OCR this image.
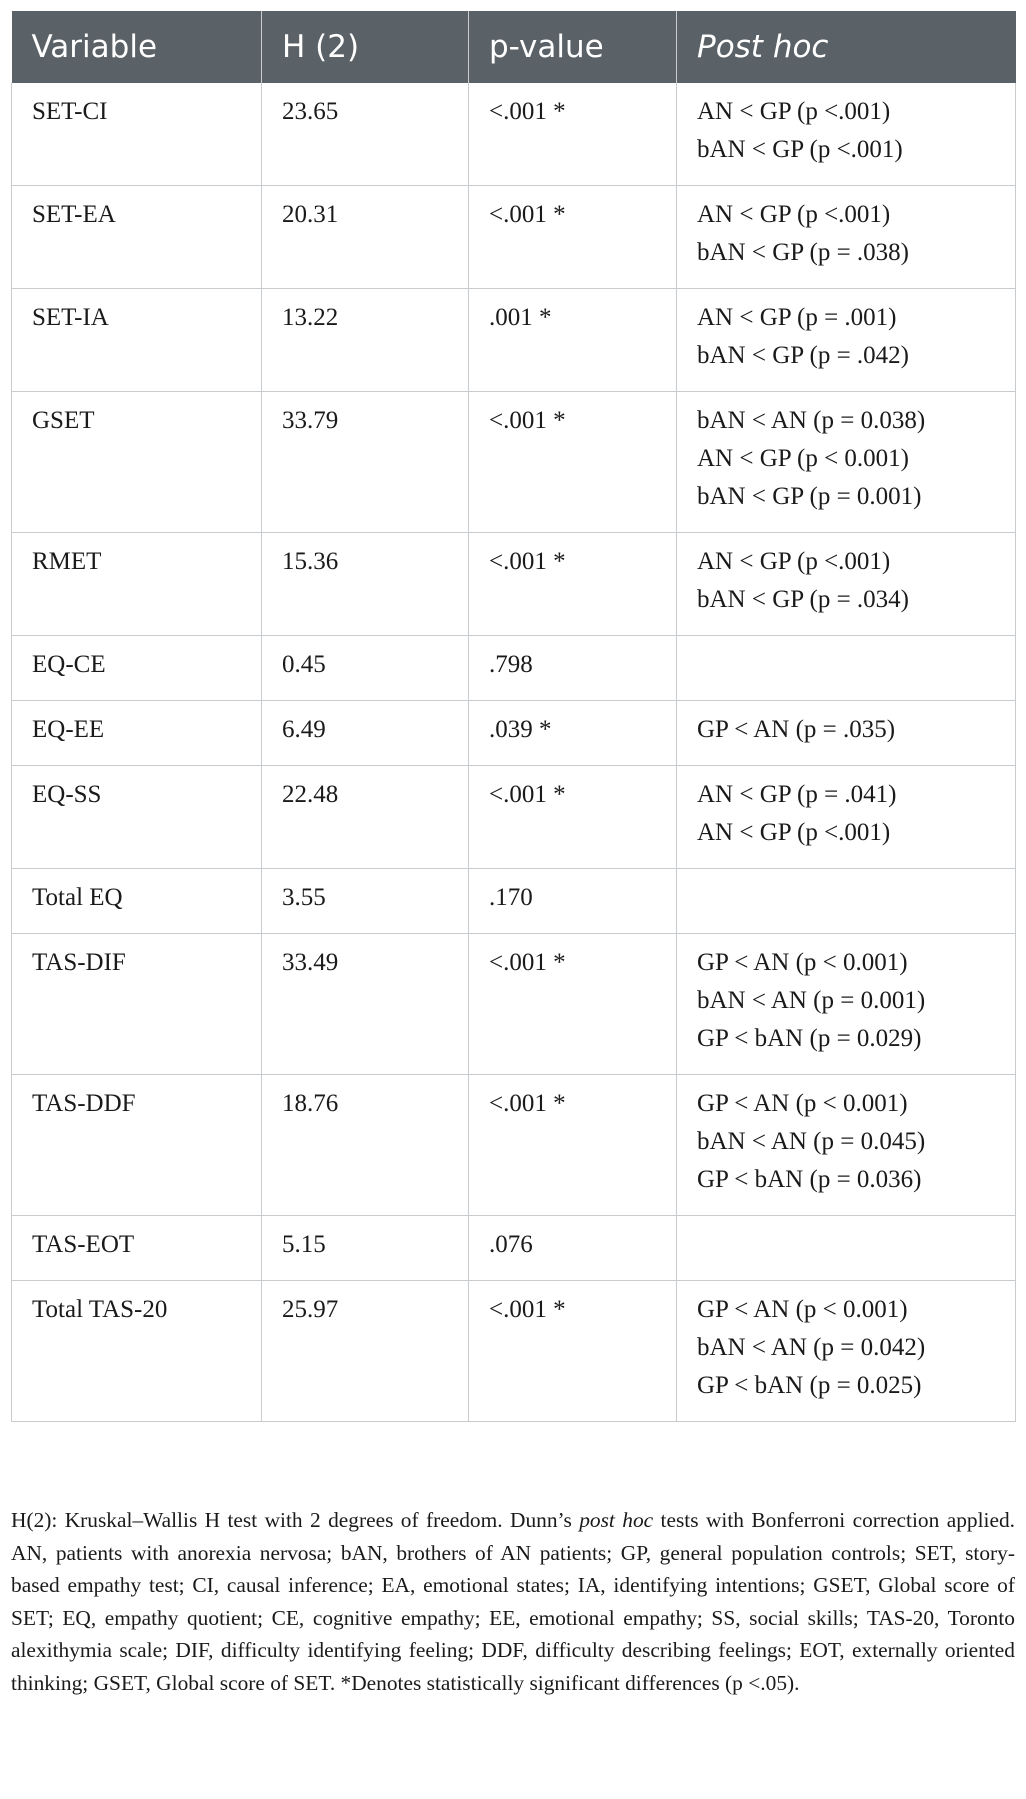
Variable	H (2)	p-value	Post hoc
SET-CI	23.65	<.001 *	AN < GP (p <.001)
bAN < GP (p <.001)

SET-EA	20.31	<.001 *	AN < GP (p <.001)
bAN < GP (p = .038)

SET-IA	13.22	.001 *	AN < GP (p = .001)
bAN < GP (p = .042)

GSET	33.79	<.001 *	bAN < AN (p = 0.038)
AN < GP (p < 0.001)
bAN < GP (p = 0.001)

RMET	15.36	<.001 *	AN < GP (p <.001)
bAN < GP (p = .034)

EQ-CE	0.45	.798	
EQ-EE	6.49	.039 *	GP < AN (p = .035)

EQ-SS	22.48	<.001 *	AN < GP (p = .041)
AN < GP (p <.001)

Total EQ	3.55	.170	
TAS-DIF	33.49	<.001 *	GP < AN (p < 0.001)
bAN < AN (p = 0.001)
GP < bAN (p = 0.029)

TAS-DDF	18.76	<.001 *	GP < AN (p < 0.001)
bAN < AN (p = 0.045)
GP < bAN (p = 0.036)

TAS-EOT	5.15	.076	
Total TAS-20	25.97	<.001 *	GP < AN (p < 0.001)
bAN < AN (p = 0.042)
GP < bAN (p = 0.025)
H(2): Kruskal–Wallis H test with 2 degrees of freedom. Dunn’s post hoc tests with Bonferroni correction applied. AN, patients with anorexia nervosa; bAN, brothers of AN patients; GP, general population controls; SET, story-based empathy test; CI, causal inference; EA, emotional states; IA, identifying intentions; GSET, Global score of SET; EQ, empathy quotient; CE, cognitive empathy; EE, emotional empathy; SS, social skills; TAS-20, Toronto alexithymia scale; DIF, difficulty identifying feeling; DDF, difficulty describing feelings; EOT, externally oriented thinking; GSET, Global score of SET. *Denotes statistically significant differences (p <.05).
